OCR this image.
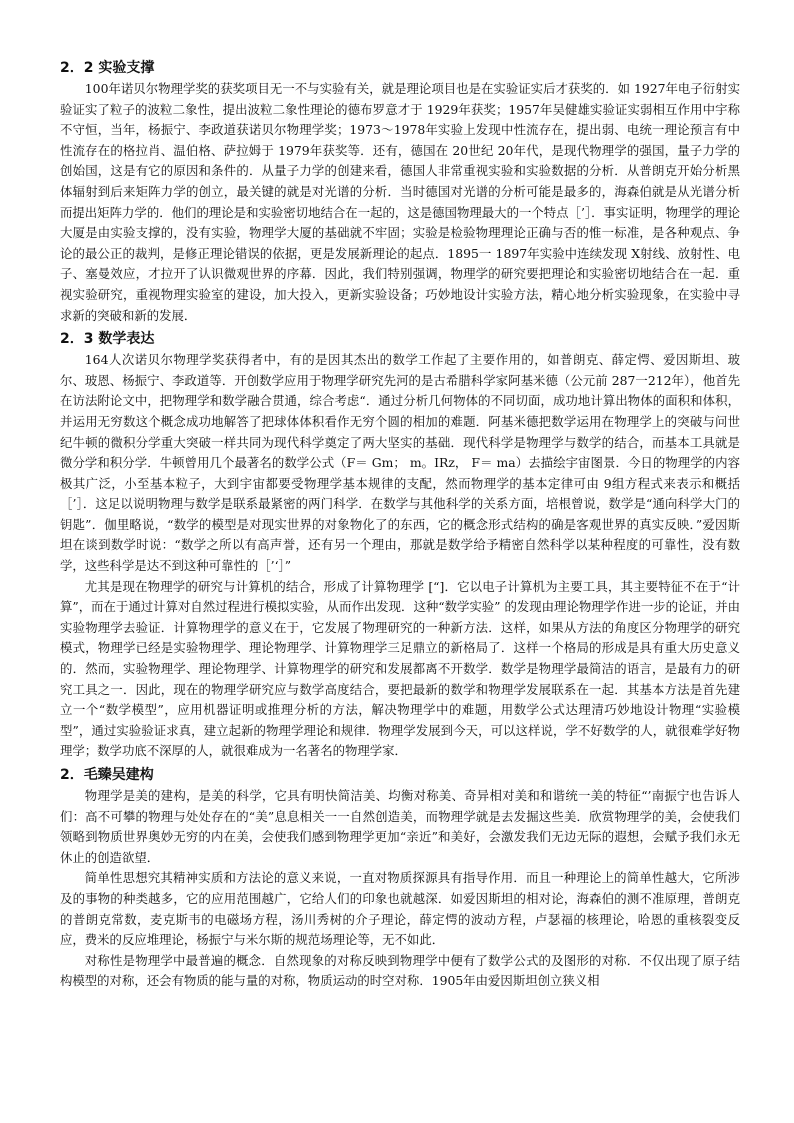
2．2 实验支撑

100年诺贝尔物理学奖的获奖项目无一不与实验有关，就是理论项目也是在实验证实后才获奖的．如 1927年电子衍射实验证实了粒子的波粒二象性，提出波粒二象性理论的德布罗意才于 1929年获奖；1957年吴健雄实验证实弱相互作用中宇称不守恒，当年，杨振宁、李政道获诺贝尔物理学奖；1973～1978年实验上发现中性流存在，提出弱、电统一理论预言有中性流存在的格拉肖、温伯格、萨拉姆于 1979年获奖等．还有，德国在 20世纪 20年代，是现代物理学的强国，量子力学的创始国，这是有它的原因和条件的．从量子力学的创建来看，德国人非常重视实验和实验数据的分析．从普朗克开始分析黑体辐射到后来矩阵力学的创立，最关键的就是对光谱的分析．当时德国对光谱的分析可能是最多的，海森伯就是从光谱分析而提出矩阵力学的．他们的理论是和实验密切地结合在一起的，这是德国物理最大的一个特点［’］．事实证明，物理学的理论大厦是由实验支撑的，没有实验，物理学大厦的基础就不牢固；实验是检验物理理论正确与否的惟一标准，是各种观点、争论的最公正的裁判，是修正理论错误的依据，更是发展新理论的起点．1895一 1897年实验中连续发现 X射线、放射性、电子、塞曼效应，才拉开了认识微观世界的序幕．因此，我们特别强调，物理学的研究要把理论和实验密切地结合在一起．重视实验研究，重视物理实验室的建设，加大投入，更新实验设备；巧妙地设计实验方法，精心地分析实验现象，在实验中寻求新的突破和新的发展．

2．3 数学表达

164人次诺贝尔物理学奖获得者中，有的是因其杰出的数学工作起了主要作用的，如普朗克、薛定愕、爱因斯坦、玻尔、玻恩、杨振宁、李政道等．开创数学应用于物理学研究先河的是古希腊科学家阿基米德（公元前 287一212年），他首先在访法附论文中，把物理学和数学融合贯通，综合考虑“．通过分析几何物体的不同切面，成功地计算出物体的面积和体积，并运用无穷数这个概念成功地解答了把球体体积看作无穷个圆的相加的难题．阿基米德把数学运用在物理学上的突破与问世纪牛顿的微积分学重大突破一样共同为现代科学奠定了两大坚实的基础．现代科学是物理学与数学的结合，而基本工具就是微分学和积分学．牛顿曾用几个最著名的数学公式（F＝ Gm； m。IRz， F＝ ma）去描绘宇宙图景．今日的物理学的内容极其广泛，小至基本粒子，大到宇宙都要受物理学基本规律的支配，然而物理学的基本定律可由 9组方程式来表示和概括［’］．这足以说明物理与数学是联系最紧密的两门科学．在数学与其他科学的关系方面，培根曾说，数学是“通向科学大门的钥匙”．伽里略说，“数学的模型是对现实世界的对象物化了的东西，它的概念形式结构的确是客观世界的真实反映．”爱因斯坦在谈到数学时说：“数学之所以有高声誉，还有另一个理由，那就是数学给予精密自然科学以某种程度的可靠性，没有数学，这些科学是达不到这种可靠性的［’‘］”

尤其是现在物理学的研究与计算机的结合，形成了计算物理学 [“]．它以电子计算机为主要工具，其主要特征不在于“计算”，而在于通过计算对自然过程进行模拟实验，从而作出发现．这种“数学实验” 的发现由理论物理学作进一步的论证，并由实验物理学去验证．计算物理学的意义在于，它发展了物理研究的一种新方法．这样，如果从方法的角度区分物理学的研究模式，物理学已经是实验物理学、理论物理学、计算物理学三足鼎立的新格局了．这样一个格局的形成是具有重大历史意义的．然而，实验物理学、理论物理学、计算物理学的研究和发展都离不开数学．数学是物理学最简洁的语言，是最有力的研究工具之一．因此，现在的物理学研究应与数学高度结合，要把最新的数学和物理学发展联系在一起．其基本方法是首先建立一个“数学模型”，应用机器证明或推理分析的方法，解决物理学中的难题，用数学公式达理清巧妙地设计物理“实验模型”，通过实验验证求真，建立起新的物理学理论和规律．物理学发展到今天，可以这样说，学不好数学的人，就很难学好物理学；数学功底不深厚的人，就很难成为一名著名的物理学家．

2．毛臻吴建构

物理学是美的建构，是美的科学，它具有明快简洁美、均衡对称美、奇异相对美和和谐统一美的特征“’南振宁也告诉人们：高不可攀的物理与处处存在的“美”息息相关一一自然创造美，而物理学就是去发掘这些美．欣赏物理学的美，会使我们领略到物质世界奥妙无穷的内在美，会使我们感到物理学更加“亲近”和美好，会激发我们无边无际的遐想，会赋予我们永无休止的创造欲望．

简单性思想究其精神实质和方法论的意义来说，一直对物质探源具有指导作用．而且一种理论上的简单性越大，它所涉及的事物的种类越多，它的应用范围越广，它给人们的印象也就越深．如爱因斯坦的相对论，海森伯的测不准原理，普朗克的普朗克常数，麦克斯韦的电磁场方程，汤川秀树的介子理论，薛定愕的波动方程，卢瑟福的核理论，哈恩的重核裂变反应，费米的反应堆理论，杨振宁与米尔斯的规范场理论等，无不如此．

对称性是物理学中最普遍的概念．自然现象的对称反映到物理学中便有了数学公式的及图形的对称．不仅出现了原子结构模型的对称，还会有物质的能与量的对称，物质运动的时空对称．1905年由爱因斯坦创立狭义相
